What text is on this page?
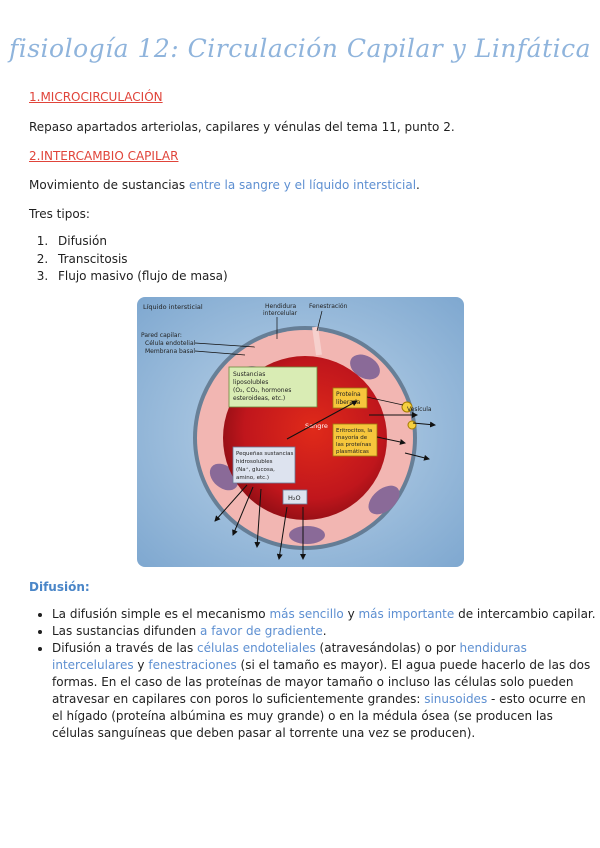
fisiología 12: Circulación Capilar y Linfática
1.MICROCIRCULACIÓN
Repaso apartados arteriolas, capilares y vénulas del tema 11, punto 2.
2.INTERCAMBIO CAPILAR
Movimiento de sustancias entre la sangre y el líquido intersticial.
Tres tipos:
1. Difusión
2. Transcitosis
3. Flujo masivo (flujo de masa)
Líquido intersticial	Hendidura
intercelular
Fenestración
Pared capilar:
Célula endotelial
Membrana basal
Sustancias
liposolubles
(O₂, CO₂, hormones
esteroideas, etc.)
Proteína
liberada
Vesícula
Sangre
Eritrocitos, la
mayoría de
las proteínas
plasmáticas
Pequeñas sustancias
hidrosolubles
(Na⁺, glucosa,
amino, etc.)
H₂O
Difusión:
• La difusión simple es el mecanismo más sencillo y más importante de intercambio capilar.
• Las sustancias difunden a favor de gradiente.
• Difusión a través de las células endoteliales (atravesándolas) o por hendiduras intercelulares y fenestraciones (si el tamaño es mayor). El agua puede hacerlo de las dos formas. En el caso de las proteínas de mayor tamaño o incluso las células solo pueden atravesar en capilares con poros lo suficientemente grandes: sinusoides - esto ocurre en el hígado (proteína albúmina es muy grande) o en la médula ósea (se producen las células sanguíneas que deben pasar al torrente una vez se producen).
